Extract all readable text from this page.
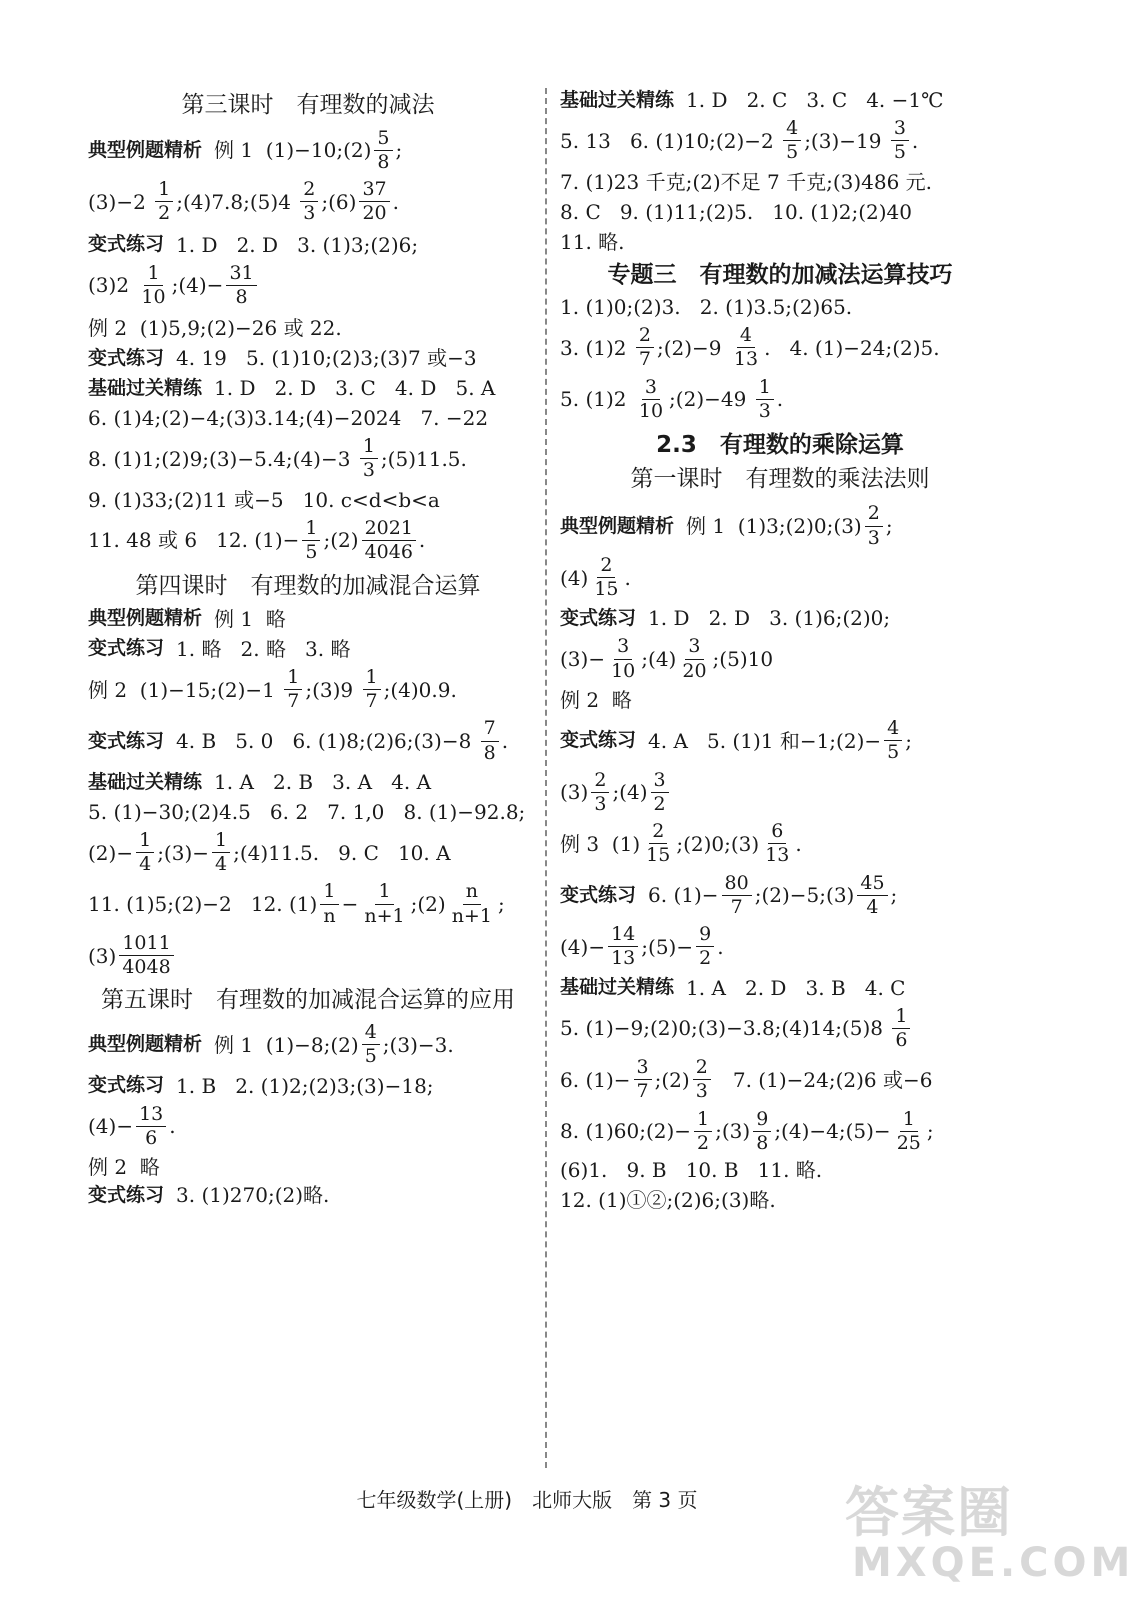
第三课时　有理数的减法
典型例题精析 例 1  (1)−10;(2) $\frac{5}{8}$ ;
$(3)-2 \frac{1}{2}$ ;(4)7.8;(5)4 $\frac{2}{3}$ ;(6) $\frac{37}{20}$ .
变式练习 1. D   2. D   3. (1)3;(2)6;
$(3)2 \frac{1}{10}$ ;(4)− $\frac{31}{8}$
例 2  (1)5,9;(2)−26 或 22.
变式练习 4. 19   5. (1)10;(2)3;(3)7 或−3
基础过关精练 1. D   2. D   3. C   4. D   5. A
6. (1)4;(2)−4;(3)3.14;(4)−2024   7. −22
8. (1)1;(2)9;(3)−5.4;(4)−3 $\frac{1}{3}$ ;(5)11.5.
9. (1)33;(2)11 或−5   10. c<d<b<a
11. 48 或 6   12. $(1)- \frac{1}{5}$ ;(2) $\frac{2021}{4046}$ .
第四课时　有理数的加减混合运算
典型例题精析 例 1  略
变式练习 1. 略   2. 略   3. 略
例 2  (1)−15;(2)−1 $\frac{1}{7}$ ;(3)9 $\frac{1}{7}$ ;(4)0.9.
变式练习 4. B   5. 0   6. (1)8;(2)6;(3)−8 $\frac{7}{8}$ .
基础过关精练 1. A   2. B   3. A   4. A
5. (1)−30;(2)4.5   6. 2   7. 1,0   8. (1)−92.8;
$(2)- \frac{1}{4}$ ;(3)− $\frac{1}{4}$ ;(4)11.5.   9. C   10. A
11. (1)5;(2)−2   12. $(1) \frac{1}{n} - \frac{1}{n+1}$ ;(2) $\frac{n}{n+1}$ ;
$(3) \frac{1011}{4048}$
第五课时　有理数的加减混合运算的应用
典型例题精析 例 1  (1)−8;(2) $\frac{4}{5}$ ;(3)−3.
变式练习 1. B   2. (1)2;(2)3;(3)−18;
$(4)- \frac{13}{6}$ .
例 2  略
变式练习 3. (1)270;(2)略.
基础过关精练 1. D   2. C   3. C   4. −1℃
5. 13   6. (1)10;(2)−2 $\frac{4}{5}$ ;(3)−19 $\frac{3}{5}$ .
7. (1)23 千克;(2)不足 7 千克;(3)486 元.
8. C   9. (1)11;(2)5.   10. (1)2;(2)40
11. 略.
专题三　有理数的加减法运算技巧
1. (1)0;(2)3.   2. (1)3.5;(2)65.
3. $(1)2 \frac{2}{7}$ ;(2)−9 $\frac{4}{13}$ .   4. (1)−24;(2)5.
5. $(1)2 \frac{3}{10}$ ;(2)−49 $\frac{1}{3}$ .
2.3　有理数的乘除运算
第一课时　有理数的乘法法则
典型例题精析 例 1  (1)3;(2)0;(3) $\frac{2}{3}$ ;
$(4) \frac{2}{15}$ .
变式练习 1. D   2. D   3. (1)6;(2)0;
$(3)- \frac{3}{10}$ ;(4) $\frac{3}{20}$ ;(5)10
例 2  略
变式练习 4. A   5. (1)1 和−1;(2)− $\frac{4}{5}$ ;
$(3) \frac{2}{3}$ ;(4) $\frac{3}{2}$
例 3  $(1) \frac{2}{15}$ ;(2)0;(3) $\frac{6}{13}$ .
变式练习 6. $(1)- \frac{80}{7}$ ;(2)−5;(3) $\frac{45}{4}$ ;
$(4)- \frac{14}{13}$ ;(5)− $\frac{9}{2}$ .
基础过关精练 1. A   2. D   3. B   4. C
5. (1)−9;(2)0;(3)−3.8;(4)14;(5)8 $\frac{1}{6}$
6. $(1)- \frac{3}{7}$ ;(2) $\frac{2}{3} 7$. (1)−24;(2)6 或−6
8. (1)60;(2)− $\frac{1}{2}$ ;(3) $\frac{9}{8}$ ;(4)−4;(5)− $\frac{1}{25}$ ;
(6)1.   9. B   10. B   11. 略.
12. (1)①②;(2)6;(3)略.
七年级数学(上册)　北师大版　第 3 页	答案圈
MXQE.COM
